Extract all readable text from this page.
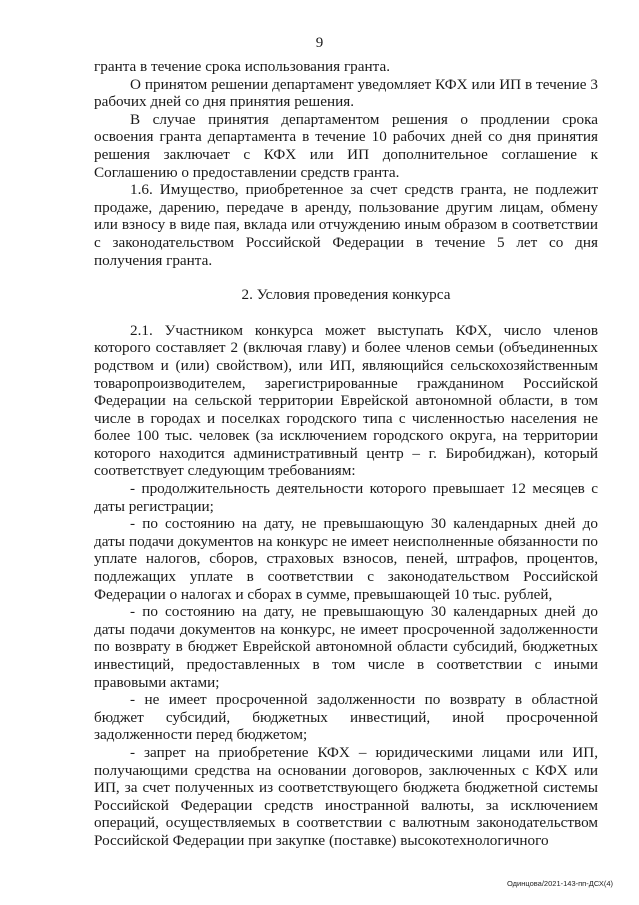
9

гранта в течение срока использования гранта.

О принятом решении департамент уведомляет КФХ или ИП в течение 3 рабочих дней со дня принятия решения.

В случае принятия департаментом решения о продлении срока освоения гранта департамента в течение 10 рабочих дней со дня принятия решения заключает с КФХ или ИП дополнительное соглашение к Соглашению о предоставлении средств гранта.

1.6. Имущество, приобретенное за счет средств гранта, не подлежит продаже, дарению, передаче в аренду, пользование другим лицам, обмену или взносу в виде пая, вклада или отчуждению иным образом в соответствии с законодательством Российской Федерации в течение 5 лет со дня получения гранта.

2. Условия проведения конкурса

2.1. Участником конкурса может выступать КФХ, число членов которого составляет 2 (включая главу) и более членов семьи (объединенных родством и (или) свойством), или ИП, являющийся сельскохозяйственным товаропроизводителем, зарегистрированные гражданином Российской Федерации на сельской территории Еврейской автономной области, в том числе в городах и поселках городского типа с численностью населения не более 100 тыс. человек (за исключением городского округа, на территории которого находится административный центр – г. Биробиджан), который соответствует следующим требованиям:

- продолжительность деятельности которого превышает 12 месяцев с даты регистрации;

- по состоянию на дату, не превышающую 30 календарных дней до даты подачи документов на конкурс не имеет неисполненные обязанности по уплате налогов, сборов, страховых взносов, пеней, штрафов, процентов, подлежащих уплате в соответствии с законодательством Российской Федерации о налогах и сборах в сумме, превышающей 10 тыс. рублей,

- по состоянию на дату, не превышающую 30 календарных дней до даты подачи документов на конкурс, не имеет просроченной задолженности по возврату в бюджет Еврейской автономной области субсидий, бюджетных инвестиций, предоставленных в том числе в соответствии с иными правовыми актами;

- не имеет просроченной задолженности по возврату в областной бюджет субсидий, бюджетных инвестиций, иной просроченной задолженности перед бюджетом;

- запрет на приобретение КФХ – юридическими лицами или ИП, получающими средства на основании договоров, заключенных с КФХ или ИП, за счет полученных из соответствующего бюджета бюджетной системы Российской Федерации средств иностранной валюты, за исключением операций, осуществляемых в соответствии с валютным законодательством Российской Федерации при закупке (поставке) высокотехнологичного

Одинцова/2021-143-пп-ДСХ(4)
